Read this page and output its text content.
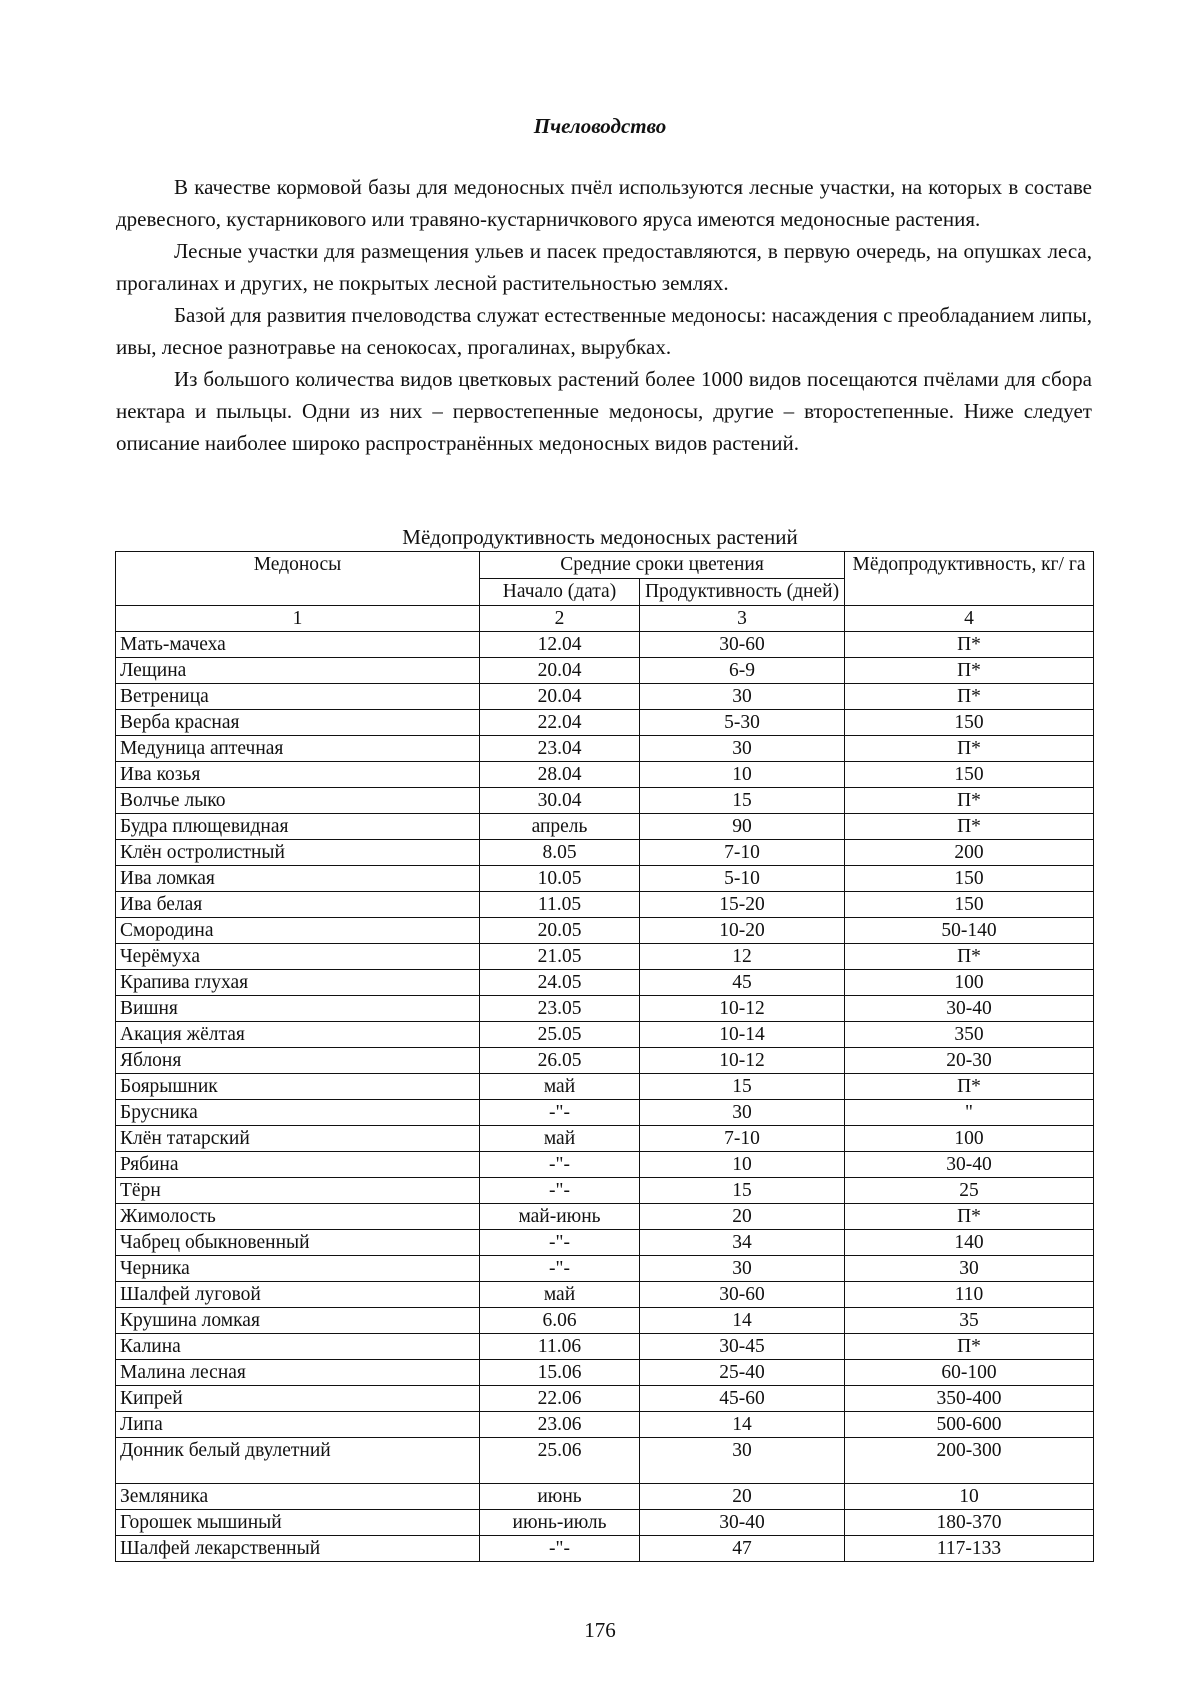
Пчеловодство

В качестве кормовой базы для медоносных пчёл используются лесные участки, на которых в составе древесного, кустарникового или травяно-кустарничкового яруса имеются медоносные растения.

Лесные участки для размещения ульев и пасек предоставляются, в первую очередь, на опушках леса, прогалинах и других, не покрытых лесной растительностью землях.

Базой для развития пчеловодства служат естественные медоносы: насаждения с преобладанием липы, ивы, лесное разнотравье на сенокосах, прогалинах, вырубках.

Из большого количества видов цветковых растений более 1000 видов посещаются пчёлами для сбора нектара и пыльцы. Одни из них – первостепенные медоносы, другие – второстепенные. Ниже следует описание наиболее широко распространённых медоносных видов растений.

Мёдопродуктивность медоносных растений
Медоносы	Средние сроки цветения		Мёдопродуктивность, кг/ га
	Начало (дата)	Продуктивность (дней)	
1	2	3	4
Мать-мачеха	12.04	30-60	П*
Лещина	20.04	6-9	П*
Ветреница	20.04	30	П*
Верба красная	22.04	5-30	150
Медуница аптечная	23.04	30	П*
Ива козья	28.04	10	150
Волчье лыко	30.04	15	П*
Будра плющевидная	апрель	90	П*
Клён остролистный	8.05	7-10	200
Ива ломкая	10.05	5-10	150
Ива белая	11.05	15-20	150
Смородина	20.05	10-20	50-140
Черёмуха	21.05	12	П*
Крапива глухая	24.05	45	100
Вишня	23.05	10-12	30-40
Акация жёлтая	25.05	10-14	350
Яблоня	26.05	10-12	20-30
Боярышник	май	15	П*
Брусника	-"-	30	"
Клён татарский	май	7-10	100
Рябина	-"-	10	30-40
Тёрн	-"-	15	25
Жимолость	май-июнь	20	П*
Чабрец обыкновенный	-"-	34	140
Черника	-"-	30	30
Шалфей луговой	май	30-60	110
Крушина ломкая	6.06	14	35
Калина	11.06	30-45	П*
Малина лесная	15.06	25-40	60-100
Кипрей	22.06	45-60	350-400
Липа	23.06	14	500-600
Донник белый двулетний	25.06	30	200-300
Земляника	июнь	20	10
Горошек мышиный	июнь-июль	30-40	180-370
Шалфей лекарственный	-"-	47	117-133
176
